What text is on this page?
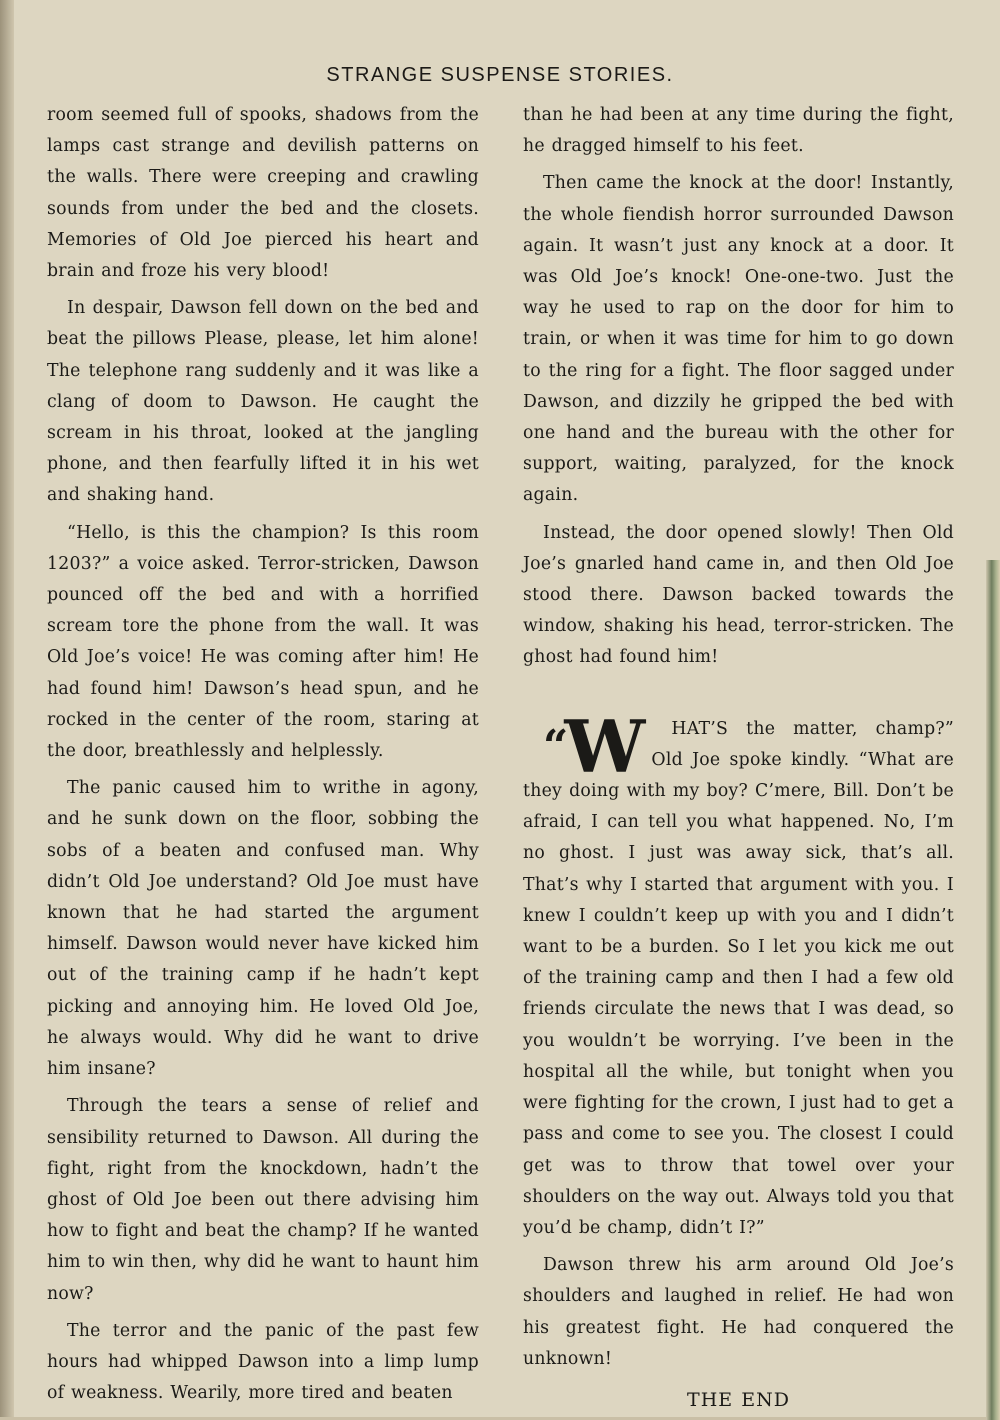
STRANGE SUSPENSE STORIES.

room seemed full of spooks, shadows from the lamps cast strange and devilish patterns on the walls. There were creeping and crawling sounds from under the bed and the closets. Memories of Old Joe pierced his heart and brain and froze his very blood!

In despair, Dawson fell down on the bed and beat the pillows Please, please, let him alone! The telephone rang suddenly and it was like a clang of doom to Dawson. He caught the scream in his throat, looked at the jangling phone, and then fearfully lifted it in his wet and shaking hand.

“Hello, is this the champion? Is this room 1203?” a voice asked. Terror-stricken, Dawson pounced off the bed and with a horrified scream tore the phone from the wall. It was Old Joe’s voice! He was coming after him! He had found him! Dawson’s head spun, and he rocked in the center of the room, staring at the door, breathlessly and helplessly.

The panic caused him to writhe in agony, and he sunk down on the floor, sobbing the sobs of a beaten and confused man. Why didn’t Old Joe understand? Old Joe must have known that he had started the argument himself. Dawson would never have kicked him out of the training camp if he hadn’t kept picking and annoying him. He loved Old Joe, he always would. Why did he want to drive him insane?

Through the tears a sense of relief and sensibility returned to Dawson. All during the fight, right from the knockdown, hadn’t the ghost of Old Joe been out there advising him how to fight and beat the champ? If he wanted him to win then, why did he want to haunt him now?

The terror and the panic of the past few hours had whipped Dawson into a limp lump of weakness. Wearily, more tired and beaten

than he had been at any time during the fight, he dragged himself to his feet.

Then came the knock at the door! Instantly, the whole fiendish horror surrounded Dawson again. It wasn’t just any knock at a door. It was Old Joe’s knock! One-one-two. Just the way he used to rap on the door for him to train, or when it was time for him to go down to the ring for a fight. The floor sagged under Dawson, and dizzily he gripped the bed with one hand and the bureau with the other for support, waiting, paralyzed, for the knock again.

Instead, the door opened slowly! Then Old Joe’s gnarled hand came in, and then Old Joe stood there. Dawson backed towards the window, shaking his head, terror-stricken. The ghost had found him!

“W HAT’S the matter, champ?” Old Joe spoke kindly. “What are they doing with my boy? C’mere, Bill. Don’t be afraid, I can tell you what happened. No, I’m no ghost. I just was away sick, that’s all. That’s why I started that argument with you. I knew I couldn’t keep up with you and I didn’t want to be a burden. So I let you kick me out of the training camp and then I had a few old friends circulate the news that I was dead, so you wouldn’t be worrying. I’ve been in the hospital all the while, but tonight when you were fighting for the crown, I just had to get a pass and come to see you. The closest I could get was to throw that towel over your shoulders on the way out. Always told you that you’d be champ, didn’t I?”

Dawson threw his arm around Old Joe’s shoulders and laughed in relief. He had won his greatest fight. He had conquered the unknown!

THE END
